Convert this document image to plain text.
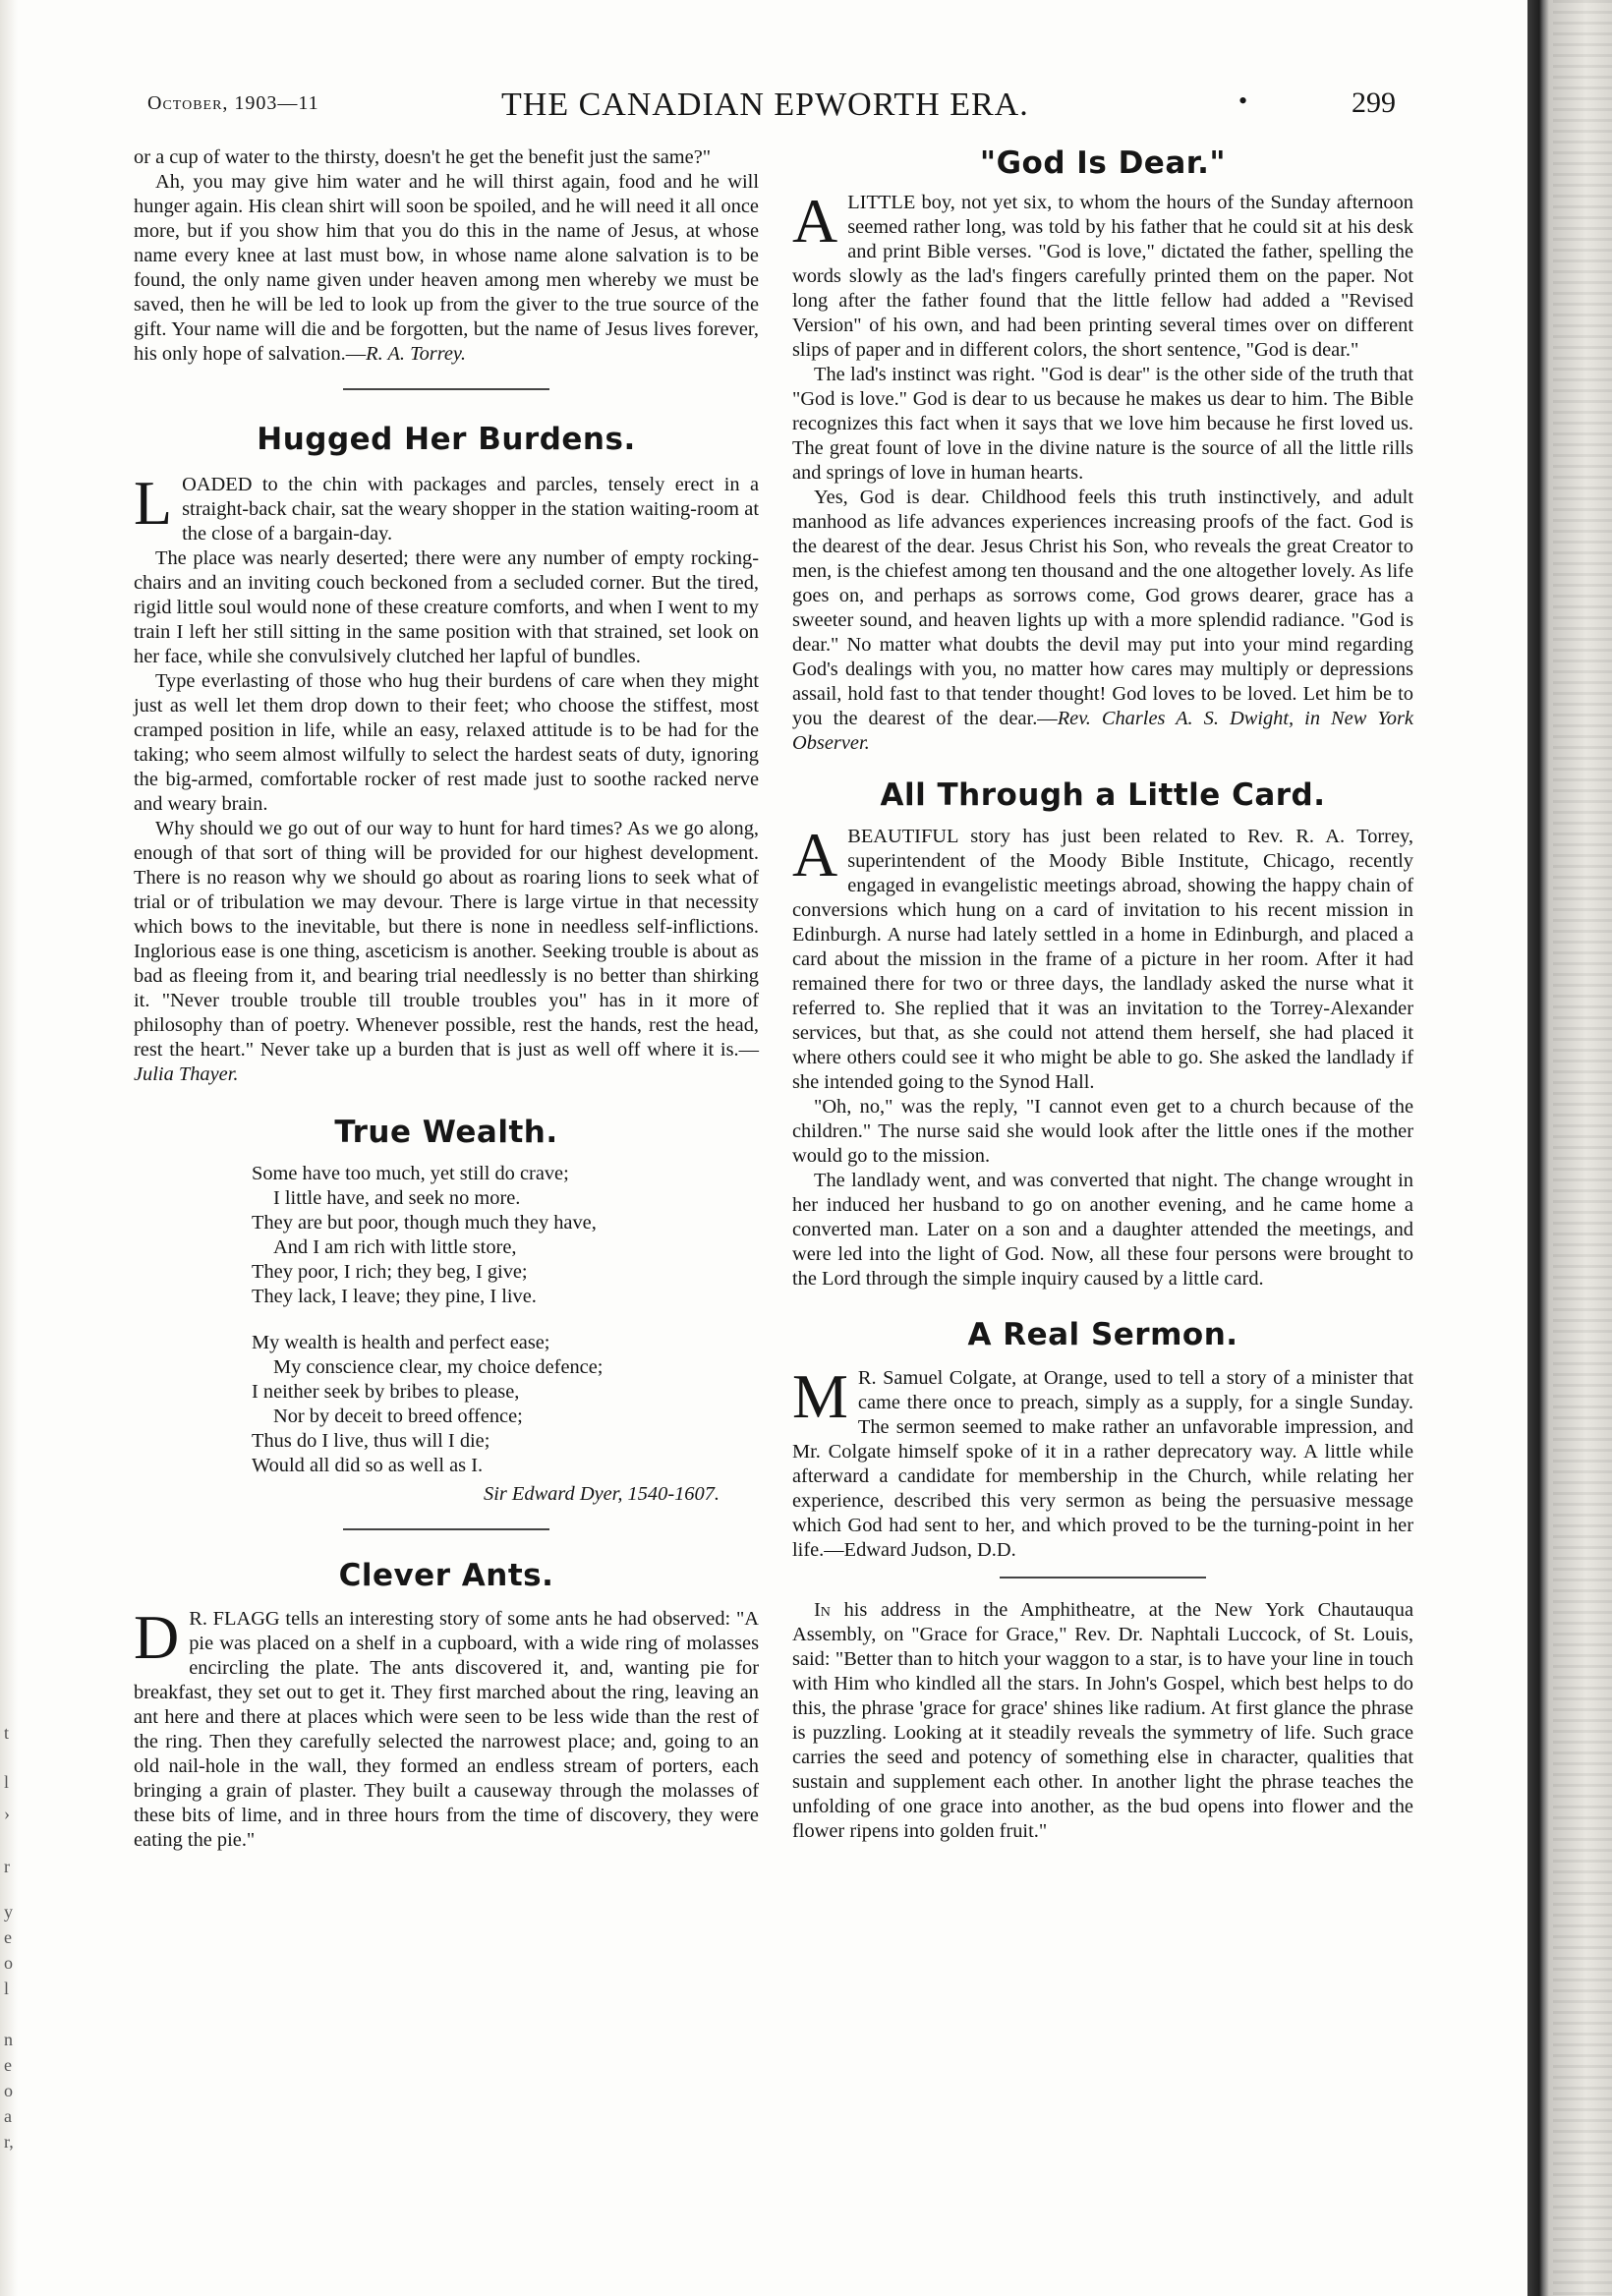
t
l
›
r
y
e
o
l
n
e
o
a
r,
October, 1903—11	THE CANADIAN EPWORTH ERA.	•	299

or a cup of water to the thirsty, doesn't he get the benefit just the same?"

Ah, you may give him water and he will thirst again, food and he will hunger again. His clean shirt will soon be spoiled, and he will need it all once more, but if you show him that you do this in the name of Jesus, at whose name every knee at last must bow, in whose name alone salvation is to be found, the only name given under heaven among men whereby we must be saved, then he will be led to look up from the giver to the true source of the gift. Your name will die and be forgotten, but the name of Jesus lives forever, his only hope of salvation.—R. A. Torrey.

Hugged Her Burdens.

LOADED to the chin with packages and parcles, tensely erect in a straight-back chair, sat the weary shopper in the station waiting-room at the close of a bargain-day.

The place was nearly deserted; there were any number of empty rocking-chairs and an inviting couch beckoned from a secluded corner. But the tired, rigid little soul would none of these creature comforts, and when I went to my train I left her still sitting in the same position with that strained, set look on her face, while she convulsively clutched her lapful of bundles.

Type everlasting of those who hug their burdens of care when they might just as well let them drop down to their feet; who choose the stiffest, most cramped position in life, while an easy, relaxed attitude is to be had for the taking; who seem almost wilfully to select the hardest seats of duty, ignoring the big-armed, comfortable rocker of rest made just to soothe racked nerve and weary brain.

Why should we go out of our way to hunt for hard times? As we go along, enough of that sort of thing will be provided for our highest development. There is no reason why we should go about as roaring lions to seek what of trial or of tribulation we may devour. There is large virtue in that necessity which bows to the inevitable, but there is none in needless self-inflictions. Inglorious ease is one thing, asceticism is another. Seeking trouble is about as bad as fleeing from it, and bearing trial needlessly is no better than shirking it. "Never trouble trouble till trouble troubles you" has in it more of philosophy than of poetry. Whenever possible, rest the hands, rest the head, rest the heart." Never take up a burden that is just as well off where it is.—Julia Thayer.

True Wealth.
Some have too much, yet still do crave;
I little have, and seek no more.
They are but poor, though much they have,
And I am rich with little store,
They poor, I rich; they beg, I give;
They lack, I leave; they pine, I live.
My wealth is health and perfect ease;
My conscience clear, my choice defence;
I neither seek by bribes to please,
Nor by deceit to breed offence;
Thus do I live, thus will I die;
Would all did so as well as I.
Sir Edward Dyer, 1540-1607.
Clever Ants.

D R. FLAGG tells an interesting story of some ants he had observed: "A pie was placed on a shelf in a cupboard, with a wide ring of molasses encircling the plate. The ants discovered it, and, wanting pie for breakfast, they set out to get it. They first marched about the ring, leaving an ant here and there at places which were seen to be less wide than the rest of the ring. Then they carefully selected the narrowest place; and, going to an old nail-hole in the wall, they formed an endless stream of porters, each bringing a grain of plaster. They built a causeway through the molasses of these bits of lime, and in three hours from the time of discovery, they were eating the pie."

"God Is Dear."

ALITTLE boy, not yet six, to whom the hours of the Sunday afternoon seemed rather long, was told by his father that he could sit at his desk and print Bible verses. "God is love," dictated the father, spelling the words slowly as the lad's fingers carefully printed them on the paper. Not long after the father found that the little fellow had added a "Revised Version" of his own, and had been printing several times over on different slips of paper and in different colors, the short sentence, "God is dear."

The lad's instinct was right. "God is dear" is the other side of the truth that "God is love." God is dear to us because he makes us dear to him. The Bible recognizes this fact when it says that we love him because he first loved us. The great fount of love in the divine nature is the source of all the little rills and springs of love in human hearts.

Yes, God is dear. Childhood feels this truth instinctively, and adult manhood as life advances experiences increasing proofs of the fact. God is the dearest of the dear. Jesus Christ his Son, who reveals the great Creator to men, is the chiefest among ten thousand and the one altogether lovely. As life goes on, and perhaps as sorrows come, God grows dearer, grace has a sweeter sound, and heaven lights up with a more splendid radiance. "God is dear." No matter what doubts the devil may put into your mind regarding God's dealings with you, no matter how cares may multiply or depressions assail, hold fast to that tender thought! God loves to be loved. Let him be to you the dearest of the dear.—Rev. Charles A. S. Dwight, in New York Observer.

All Through a Little Card.

ABEAUTIFUL story has just been related to Rev. R. A. Torrey, superintendent of the Moody Bible Institute, Chicago, recently engaged in evangelistic meetings abroad, showing the happy chain of conversions which hung on a card of invitation to his recent mission in Edinburgh. A nurse had lately settled in a home in Edinburgh, and placed a card about the mission in the frame of a picture in her room. After it had remained there for two or three days, the landlady asked the nurse what it referred to. She replied that it was an invitation to the Torrey-Alexander services, but that, as she could not attend them herself, she had placed it where others could see it who might be able to go. She asked the landlady if she intended going to the Synod Hall.

"Oh, no," was the reply, "I cannot even get to a church because of the children." The nurse said she would look after the little ones if the mother would go to the mission.

The landlady went, and was converted that night. The change wrought in her induced her husband to go on another evening, and he came home a converted man. Later on a son and a daughter attended the meetings, and were led into the light of God. Now, all these four persons were brought to the Lord through the simple inquiry caused by a little card.

A Real Sermon.

M R. Samuel Colgate, at Orange, used to tell a story of a minister that came there once to preach, simply as a supply, for a single Sunday. The sermon seemed to make rather an unfavorable impression, and Mr. Colgate himself spoke of it in a rather deprecatory way. A little while afterward a candidate for membership in the Church, while relating her experience, described this very sermon as being the persuasive message which God had sent to her, and which proved to be the turning-point in her life.—Edward Judson, D.D.

In his address in the Amphitheatre, at the New York Chautauqua Assembly, on "Grace for Grace," Rev. Dr. Naphtali Luccock, of St. Louis, said: "Better than to hitch your waggon to a star, is to have your line in touch with Him who kindled all the stars. In John's Gospel, which best helps to do this, the phrase 'grace for grace' shines like radium. At first glance the phrase is puzzling. Looking at it steadily reveals the symmetry of life. Such grace carries the seed and potency of something else in character, qualities that sustain and supplement each other. In another light the phrase teaches the unfolding of one grace into another, as the bud opens into flower and the flower ripens into golden fruit."
